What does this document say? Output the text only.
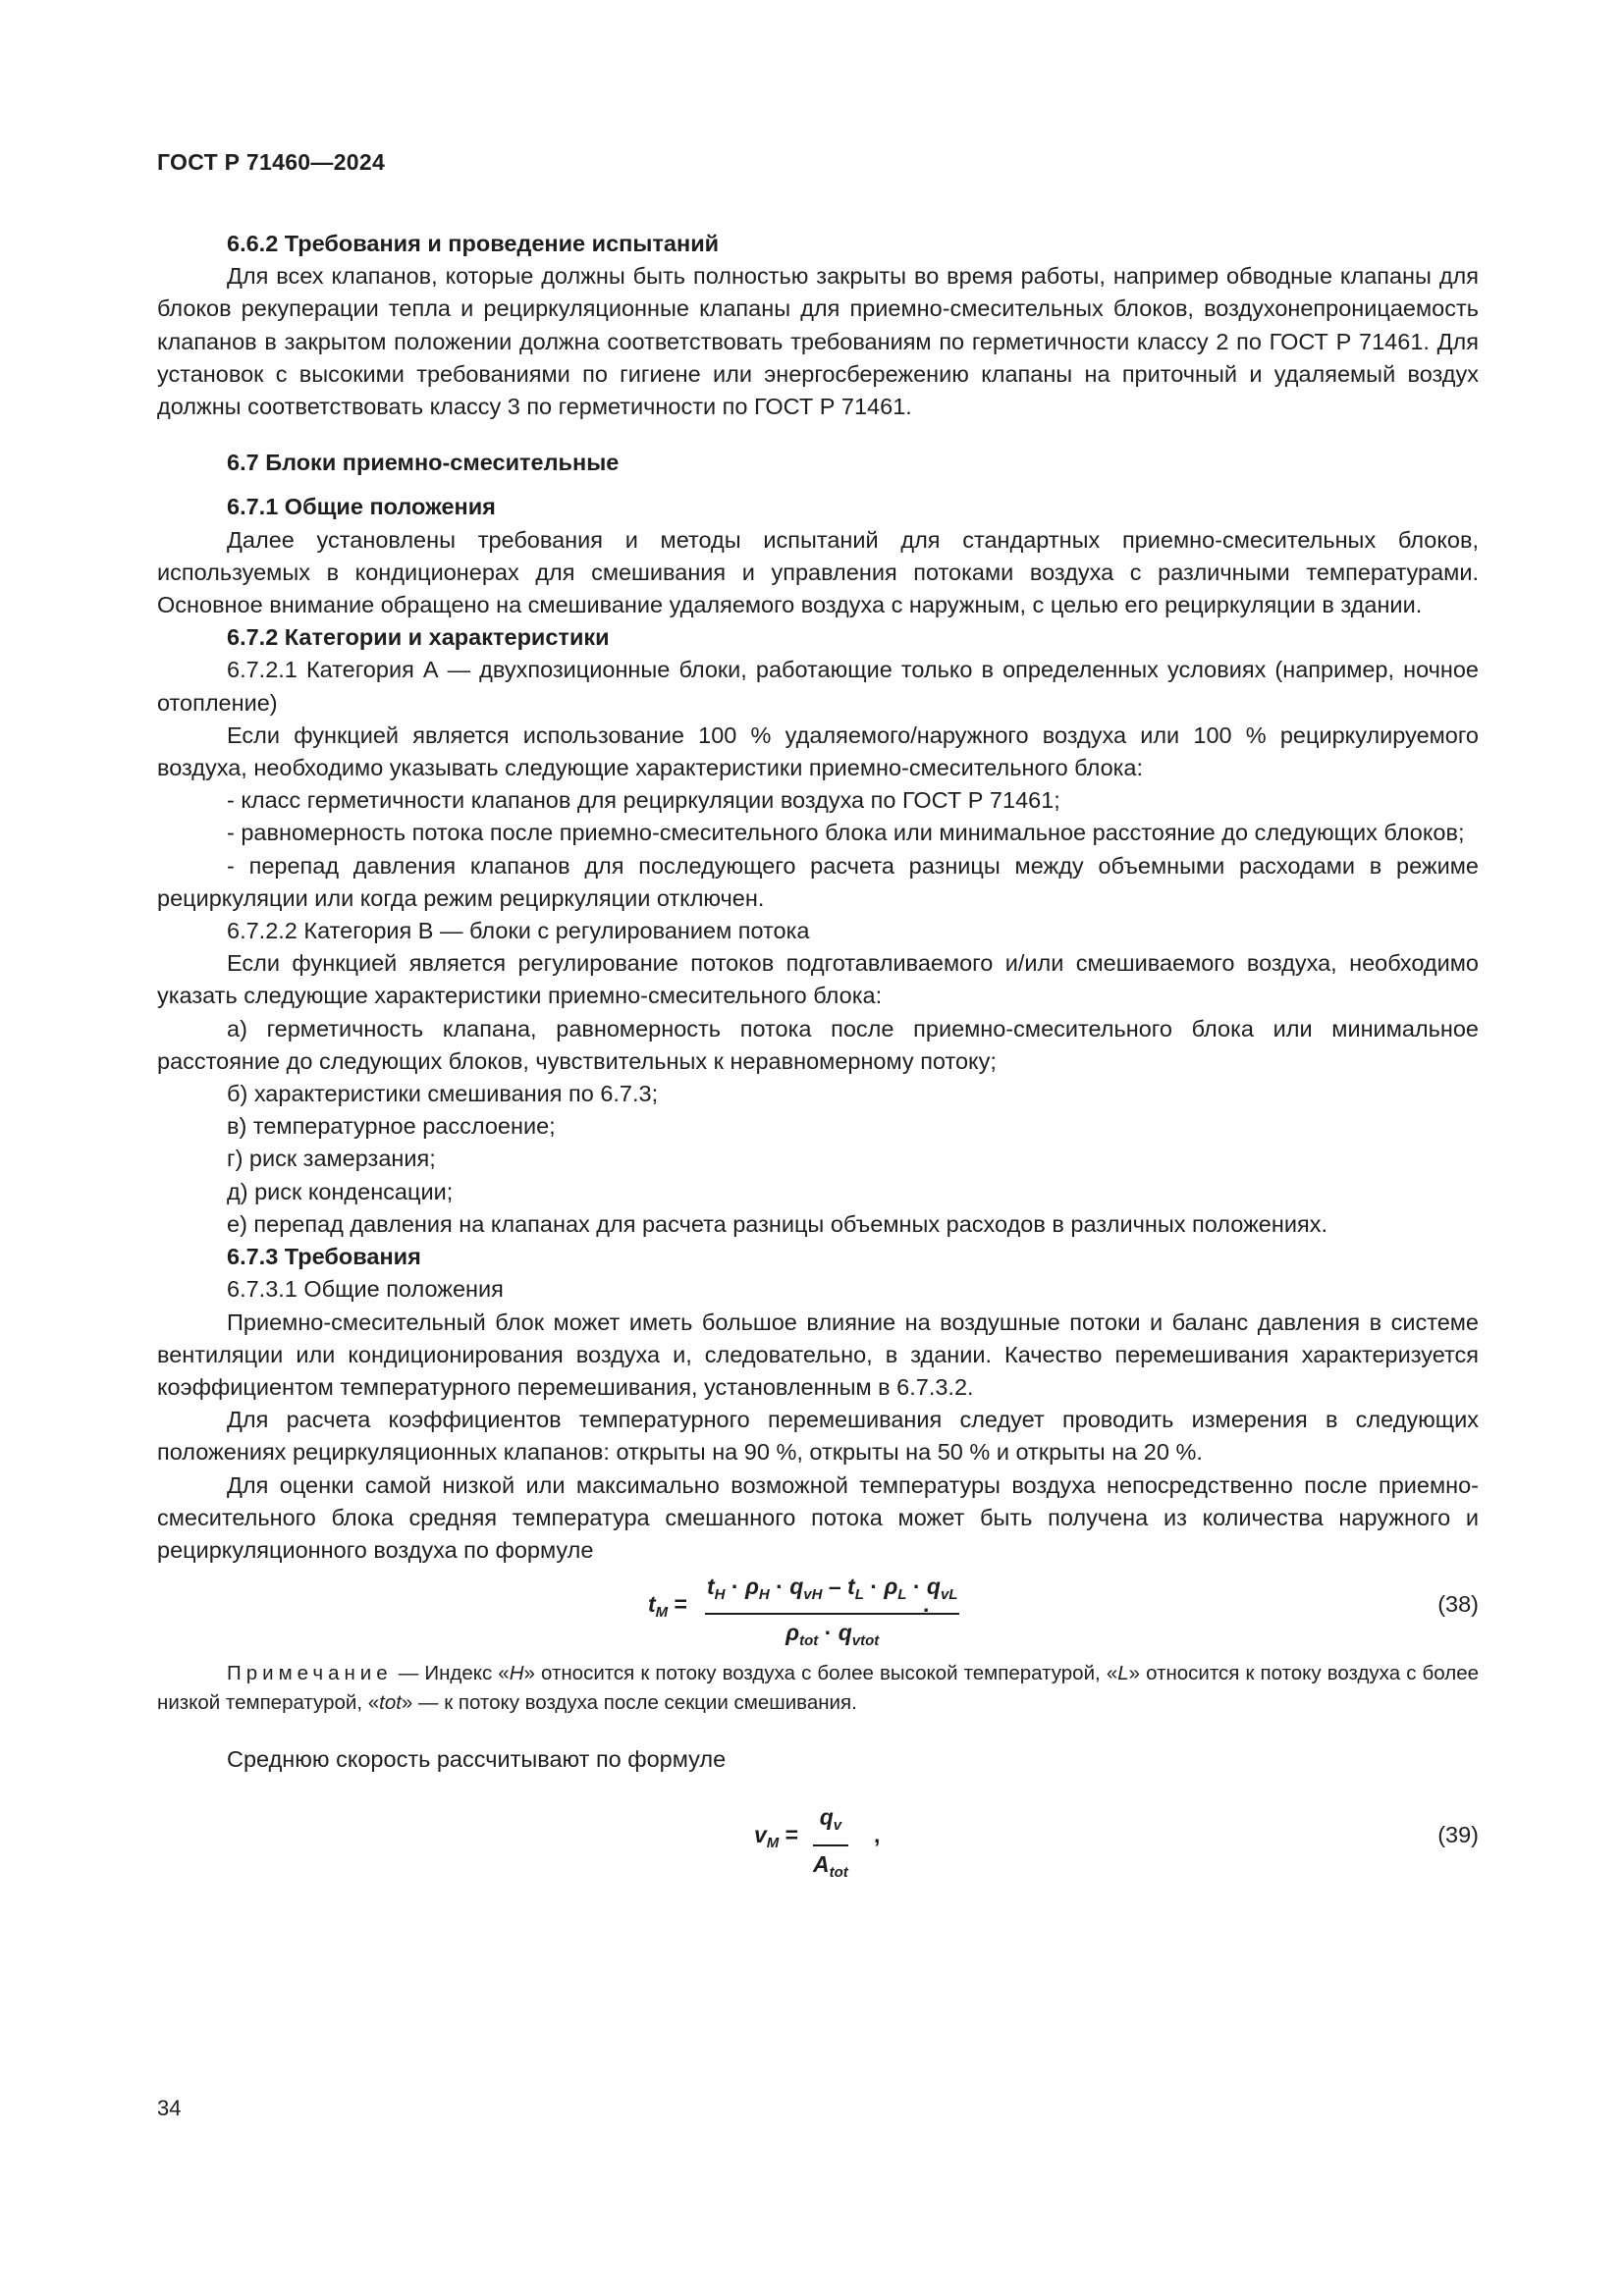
ГОСТ Р 71460—2024

6.6.2 Требования и проведение испытаний

Для всех клапанов, которые должны быть полностью закрыты во время работы, например обводные клапаны для блоков рекуперации тепла и рециркуляционные клапаны для приемно-смесительных блоков, воздухонепроницаемость клапанов в закрытом положении должна соответствовать требованиям по герметичности классу 2 по ГОСТ Р 71461. Для установок с высокими требованиями по гигиене или энергосбережению клапаны на приточный и удаляемый воздух должны соответствовать классу 3 по герметичности по ГОСТ Р 71461.

6.7 Блоки приемно-смесительные

6.7.1 Общие положения

Далее установлены требования и методы испытаний для стандартных приемно-смесительных блоков, используемых в кондиционерах для смешивания и управления потоками воздуха с различными температурами. Основное внимание обращено на смешивание удаляемого воздуха с наружным, с целью его рециркуляции в здании.

6.7.2 Категории и характеристики

6.7.2.1 Категория А — двухпозиционные блоки, работающие только в определенных условиях (например, ночное отопление)

Если функцией является использование 100 % удаляемого/наружного воздуха или 100 % рециркулируемого воздуха, необходимо указывать следующие характеристики приемно-смесительного блока:

- класс герметичности клапанов для рециркуляции воздуха по ГОСТ Р 71461;

- равномерность потока после приемно-смесительного блока или минимальное расстояние до следующих блоков;

- перепад давления клапанов для последующего расчета разницы между объемными расходами в режиме рециркуляции или когда режим рециркуляции отключен.

6.7.2.2 Категория В — блоки с регулированием потока

Если функцией является регулирование потоков подготавливаемого и/или смешиваемого воздуха, необходимо указать следующие характеристики приемно-смесительного блока:

а) герметичность клапана, равномерность потока после приемно-смесительного блока или минимальное расстояние до следующих блоков, чувствительных к неравномерному потоку;

б) характеристики смешивания по 6.7.3;

в) температурное расслоение;

г) риск замерзания;

д) риск конденсации;

е) перепад давления на клапанах для расчета разницы объемных расходов в различных положениях.

6.7.3 Требования

6.7.3.1 Общие положения

Приемно-смесительный блок может иметь большое влияние на воздушные потоки и баланс давления в системе вентиляции или кондиционирования воздуха и, следовательно, в здании. Качество перемешивания характеризуется коэффициентом температурного перемешивания, установленным в 6.7.3.2.

Для расчета коэффициентов температурного перемешивания следует проводить измерения в следующих положениях рециркуляционных клапанов: открыты на 90 %, открыты на 50 % и открыты на 20 %.

Для оценки самой низкой или максимально возможной температуры воздуха непосредственно после приемно-смесительного блока средняя температура смешанного потока может быть получена из количества наружного и рециркуляционного воздуха по формуле

$t_M$ =
$t_H \cdot \rho_H \cdot q_{vH} - t_L \cdot \rho_L \cdot q_{vL}$
$\rho_{tot} \cdot q_{vtot}$
.	(38)

Примечание — Индекс «H» относится к потоку воздуха с более высокой температурой, «L» относится к потоку воздуха с более низкой температурой, «tot» — к потоку воздуха после секции смешивания.

Среднюю скорость рассчитывают по формуле

$v_M$ =
$q_v$
$A_{tot}$
,	(39)
34
